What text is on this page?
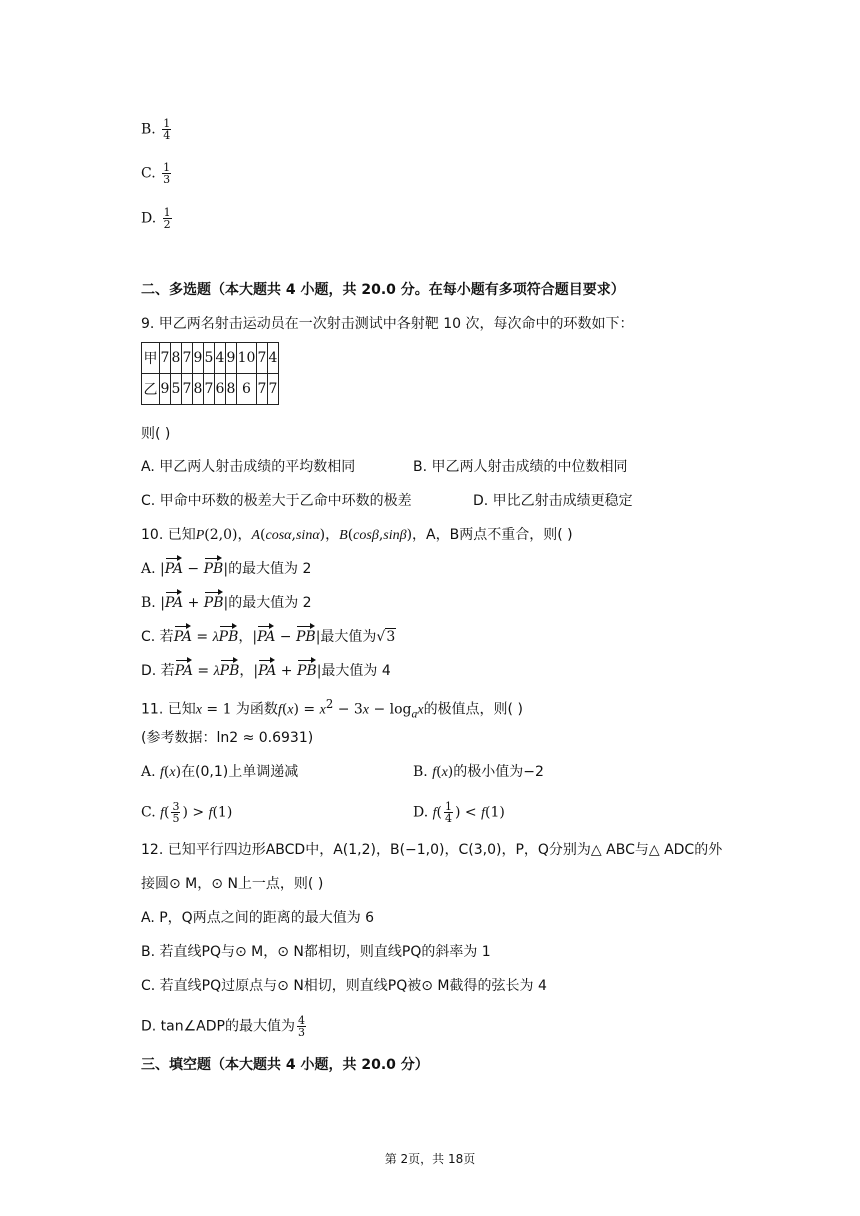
B. $\frac{1}{4}$
C. $\frac{1}{3}$
D. $\frac{1}{2}$
二、多选题（本大题共 4 小题，共 20.0 分。在每小题有多项符合题目要求）
9. 甲乙两名射击运动员在一次射击测试中各射靶 10 次，每次命中的环数如下：
甲	7	8	7	9	5	4	9	10	7	4
乙	9	5	7	8	7	6	8	6	7	7
则( )
A. 甲乙两人射击成绩的平均数相同	B. 甲乙两人射击成绩的中位数相同
C. 甲命中环数的极差大于乙命中环数的极差	D. 甲比乙射击成绩更稳定
10. 已知P(2,0)，A(cosα,sinα)，B(cosβ,sinβ)，A，B两点不重合，则( )
A. |PA − PB|的最大值为 2
B. |PA + PB|的最大值为 2
C. 若PA = λPB，|PA − PB|最大值为√3
D. 若PA = λPB，|PA + PB|最大值为 4
11. 已知x = 1 为函数$f(x) = x^2 - 3x - \log_ax$的极值点，则( )
(参考数据：ln2 ≈ 0.6931)
A. f(x)在(0,1)上单调递减	B. f(x)的极小值为−2
C. $f( \frac{3}{5}$ ) > f(1)	D. $f( \frac{1}{4}$ ) < f(1)
12. 已知平行四边形ABCD中，A(1,2)，B(−1,0)，C(3,0)，P，Q分别为△ ABC与△ ADC的外
接圆⊙ M，⊙ N上一点，则( )
A. P，Q两点之间的距离的最大值为 6
B. 若直线PQ与⊙ M，⊙ N都相切，则直线PQ的斜率为 1
C. 若直线PQ过原点与⊙ N相切，则直线PQ被⊙ M截得的弦长为 4
D. tan∠ADP的最大值为 $\frac{4}{3}$
三、填空题（本大题共 4 小题，共 20.0 分）
第 2页，共 18页
